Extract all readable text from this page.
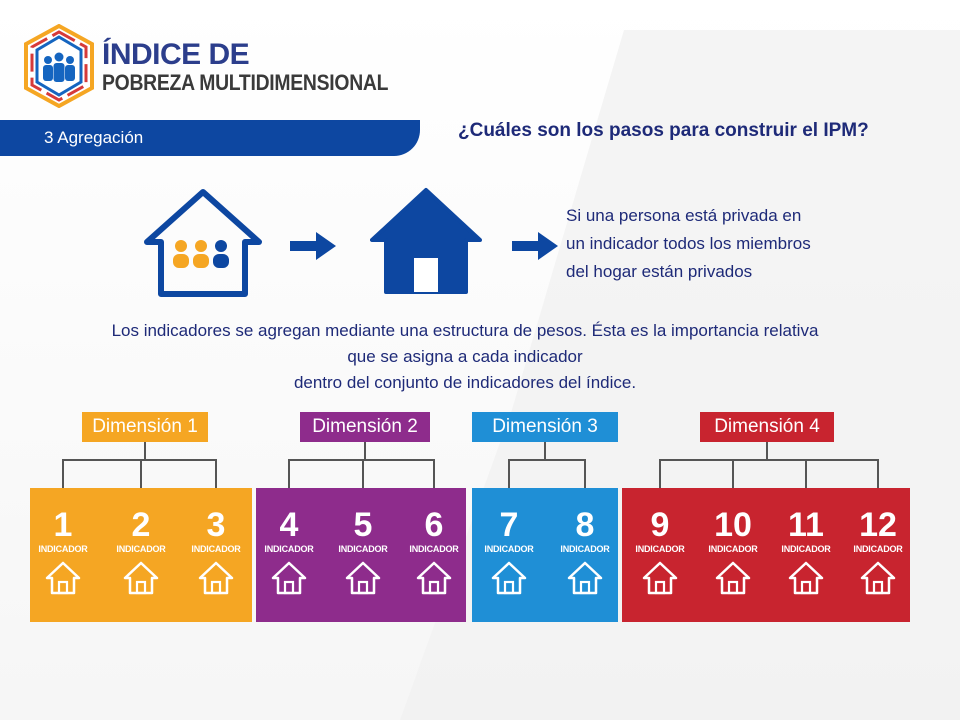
ÍNDICE DE
POBREZA MULTIDIMENSIONAL
3 Agregación	¿Cuáles son los pasos para construir el IPM?
Si una persona está privada en
un indicador todos los miembros
del hogar están privados
Los indicadores se agregan mediante una estructura de pesos. Ésta es la importancia relativa
que se asigna a cada indicador
dentro del conjunto de indicadores del índice.
Dimensión 1
1
INDICADOR
2
INDICADOR
3
INDICADOR
Dimensión 2
4
INDICADOR
5
INDICADOR
6
INDICADOR
Dimensión 3
7
INDICADOR
8
INDICADOR
Dimensión 4
9
INDICADOR
10
INDICADOR
11
INDICADOR
12
INDICADOR
